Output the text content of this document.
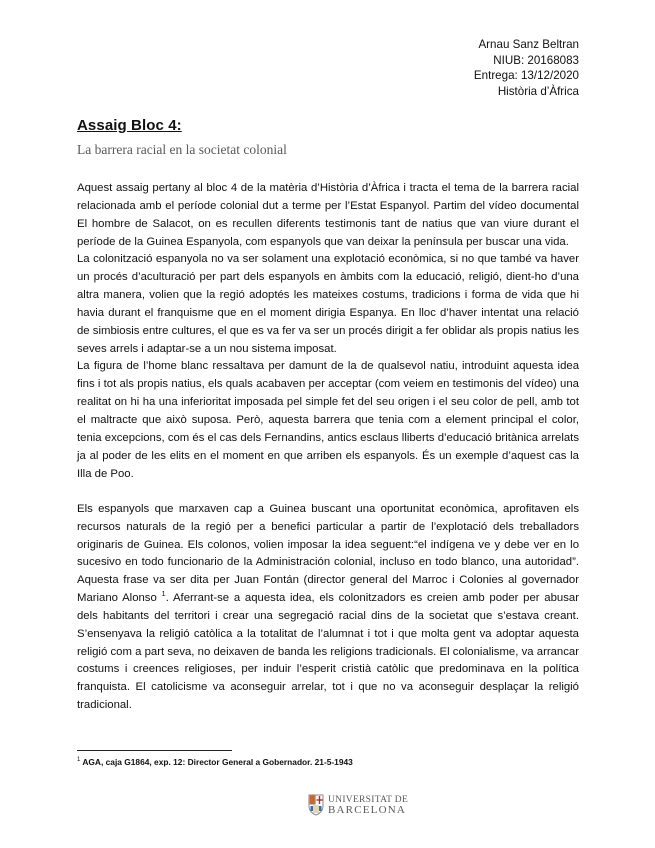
Arnau Sanz Beltran
NIUB: 20168083
Entrega: 13/12/2020
Història d’Àfrica
Assaig Bloc 4:
La barrera racial en la societat colonial

Aquest assaig pertany al bloc 4 de la matèria d’Història d’Àfrica i tracta el tema de la barrera racial relacionada amb el període colonial dut a terme per l’Estat Espanyol. Partim del vídeo documental El hombre de Salacot, on es recullen diferents testimonis tant de natius que van viure durant el període de la Guinea Espanyola, com espanyols que van deixar la península per buscar una vida.

La colonització espanyola no va ser solament una explotació econòmica, si no que també va haver un procés d’aculturació per part dels espanyols en àmbits com la educació, religió, dient-ho d’una altra manera, volien que la regió adoptés les mateixes costums, tradicions i forma de vida que hi havia durant el franquisme que en el moment dirigia Espanya. En lloc d’haver intentat una relació de simbiosis entre cultures, el que es va fer va ser un procés dirigit a fer oblidar als propis natius les seves arrels i adaptar-se a un nou sistema imposat.

La figura de l’home blanc ressaltava per damunt de la de qualsevol natiu, introduint aquesta idea fins i tot als propis natius, els quals acabaven per acceptar (com veiem en testimonis del vídeo) una realitat on hi ha una inferioritat imposada pel simple fet del seu origen i el seu color de pell, amb tot el maltracte que això suposa. Però, aquesta barrera que tenia com a element principal el color, tenia excepcions, com és el cas dels Fernandins, antics esclaus lliberts d’educació britànica arrelats ja al poder de les elits en el moment en que arriben els espanyols. És un exemple d’aquest cas la Illa de Poo.

Els espanyols que marxaven cap a Guinea buscant una oportunitat econòmica, aprofitaven els recursos naturals de la regió per a benefici particular a partir de l’explotació dels treballadors originaris de Guinea. Els colonos, volien imposar la idea seguent:“el indígena ve y debe ver en lo sucesivo en todo funcionario de la Administración colonial, incluso en todo blanco, una autoridad”. Aquesta frase va ser dita per Juan Fontán (director general del Marroc i Colonies al governador Mariano Alonso $^1$. Aferrant-se a aquesta idea, els colonitzadors es creien amb poder per abusar dels habitants del territori i crear una segregació racial dins de la societat que s’estava creant. S’ensenyava la religió catòlica a la totalitat de l’alumnat i tot i que molta gent va adoptar aquesta religió com a part seva, no deixaven de banda les religions tradicionals. El colonialisme, va arrancar costums i creences religioses, per induir l’esperit cristià catòlic que predominava en la política franquista. El catolicisme va aconseguir arrelar, tot i que no va aconseguir desplaçar la religió tradicional.

$^1$ AGA, caja G1864, exp. 12: Director General a Gobernador. 21-5-1943
UNIVERSITAT DE
BARCELONA
